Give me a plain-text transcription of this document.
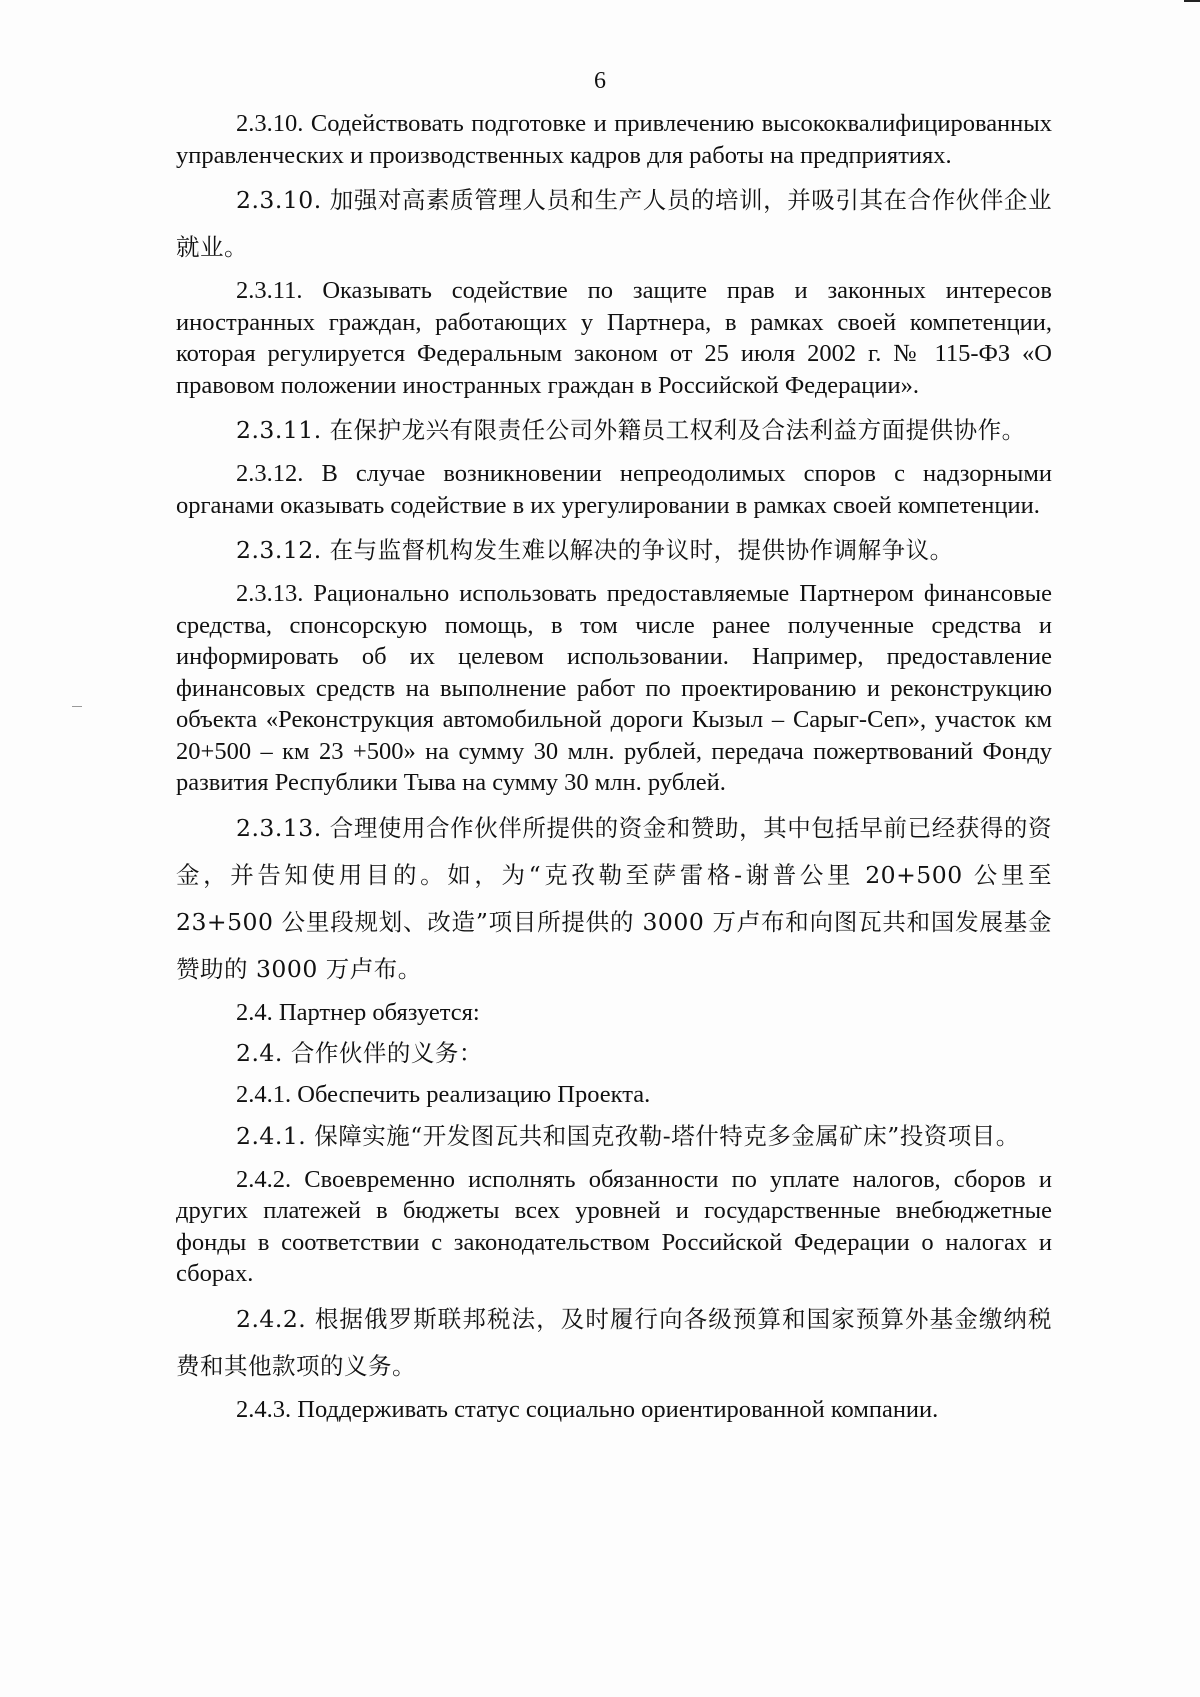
6

2.3.10. Содействовать подготовке и привлечению высококвалифицированных управленческих и производственных кадров для работы на предприятиях.

2.3.10. 加强对高素质管理人员和生产人员的培训，并吸引其在合作伙伴企业就业。

2.3.11. Оказывать содействие по защите прав и законных интересов иностранных граждан, работающих у Партнера, в рамках своей компетенции, которая регулируется Федеральным законом от 25 июля 2002 г. № 115-ФЗ «О правовом положении иностранных граждан в Российской Федерации».

2.3.11. 在保护龙兴有限责任公司外籍员工权利及合法利益方面提供协作。

2.3.12. В случае возникновении непреодолимых споров с надзорными органами оказывать содействие в их урегулировании в рамках своей компетенции.

2.3.12. 在与监督机构发生难以解决的争议时，提供协作调解争议。

2.3.13. Рационально использовать предоставляемые Партнером финансовые средства, спонсорскую помощь, в том числе ранее полученные средства и информировать об их целевом использовании. Например, предоставление финансовых средств на выполнение работ по проектированию и реконструкцию объекта «Реконструкция автомобильной дороги Кызыл – Сарыг-Сеп», участок км 20+500 – км 23 +500» на сумму 30 млн. рублей, передача пожертвований Фонду развития Республики Тыва на сумму 30 млн. рублей.

2.3.13. 合理使用合作伙伴所提供的资金和赞助，其中包括早前已经获得的资金，并告知使用目的。如，为“克孜勒至萨雷格-谢普公里 20+500 公里至 23+500 公里段规划、改造”项目所提供的 3000 万卢布和向图瓦共和国发展基金赞助的 3000 万卢布。

2.4. Партнер обязуется:

2.4. 合作伙伴的义务：

2.4.1. Обеспечить реализацию Проекта.

2.4.1. 保障实施“开发图瓦共和国克孜勒-塔什特克多金属矿床”投资项目。

2.4.2. Своевременно исполнять обязанности по уплате налогов, сборов и других платежей в бюджеты всех уровней и государственные внебюджетные фонды в соответствии с законодательством Российской Федерации о налогах и сборах.

2.4.2. 根据俄罗斯联邦税法，及时履行向各级预算和国家预算外基金缴纳税费和其他款项的义务。

2.4.3. Поддерживать статус социально ориентированной компании.
